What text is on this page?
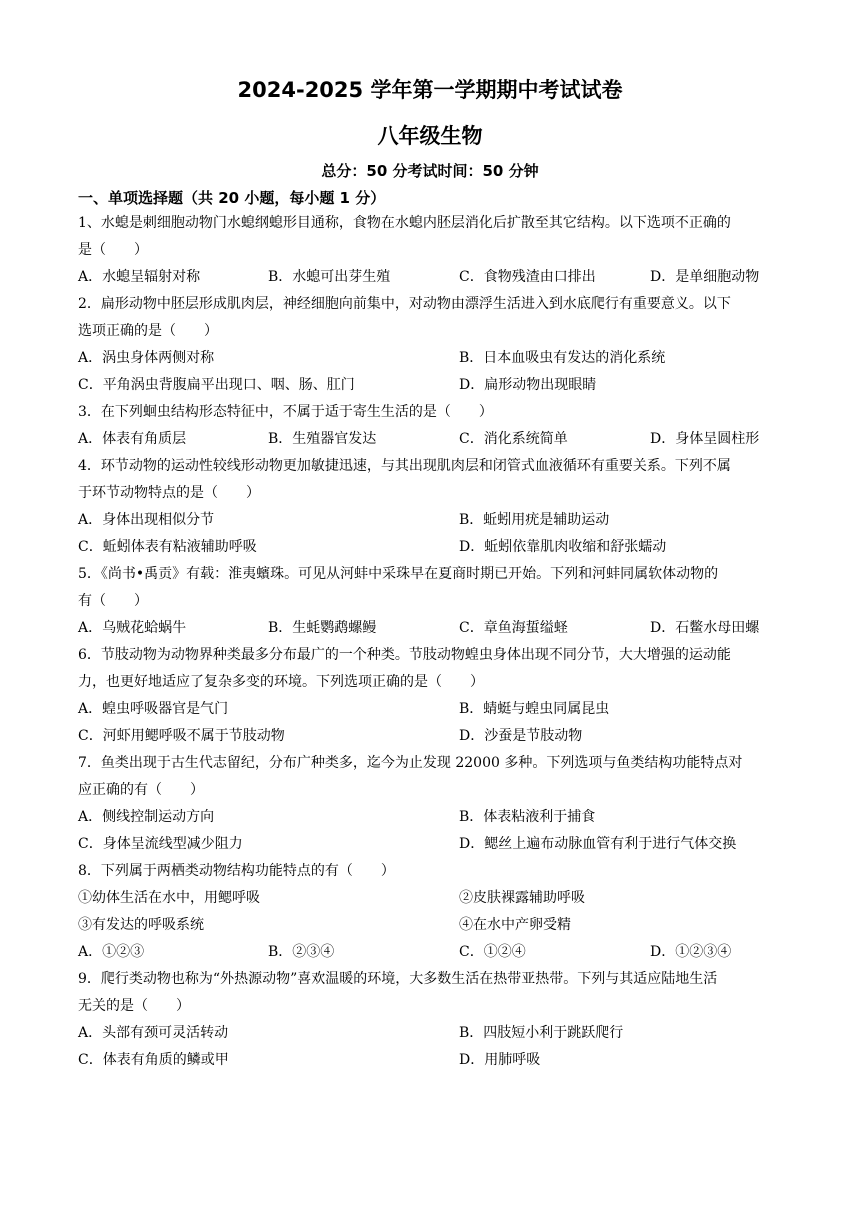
2024-2025 学年第一学期期中考试试卷
八年级生物
总分：50 分考试时间：50 分钟
一、单项选择题（共 20 小题，每小题 1 分）
1、水螅是刺细胞动物门水螅纲螅形目通称，食物在水螅内胚层消化后扩散至其它结构。以下选项不正确的
是（　　）
A．水螅呈辐射对称	B．水螅可出芽生殖	C．食物残渣由口排出	D．是单细胞动物
2．扁形动物中胚层形成肌肉层，神经细胞向前集中，对动物由漂浮生活进入到水底爬行有重要意义。以下
选项正确的是（　　）
A．涡虫身体两侧对称	B．日本血吸虫有发达的消化系统
C．平角涡虫背腹扁平出现口、咽、肠、肛门	D．扁形动物出现眼睛
3．在下列蛔虫结构形态特征中，不属于适于寄生生活的是（　　）
A．体表有角质层	B．生殖器官发达	C．消化系统简单	D．身体呈圆柱形
4．环节动物的运动性较线形动物更加敏捷迅速，与其出现肌肉层和闭管式血液循环有重要关系。下列不属
于环节动物特点的是（　　）
A．身体出现相似分节	B．蚯蚓用疣是辅助运动
C．蚯蚓体表有粘液辅助呼吸	D．蚯蚓依靠肌肉收缩和舒张蠕动
5．《尚书•禹贡》有载：淮夷蠙珠。可见从河蚌中采珠早在夏商时期已开始。下列和河蚌同属软体动物的
有（　　）
A．乌贼花蛤蜗牛	B．生蚝鹦鹉螺鳗	C．章鱼海蜇缢蛏	D．石鳖水母田螺
6．节肢动物为动物界种类最多分布最广的一个种类。节肢动物蝗虫身体出现不同分节，大大增强的运动能
力，也更好地适应了复杂多变的环境。下列选项正确的是（　　）
A．蝗虫呼吸器官是气门	B．蜻蜓与蝗虫同属昆虫
C．河虾用鳃呼吸不属于节肢动物	D．沙蚕是节肢动物
7．鱼类出现于古生代志留纪，分布广种类多，迄今为止发现 22000 多种。下列选项与鱼类结构功能特点对
应正确的有（　　）
A．侧线控制运动方向	B．体表粘液利于捕食
C．身体呈流线型减少阻力	D．鳃丝上遍布动脉血管有利于进行气体交换
8．下列属于两栖类动物结构功能特点的有（　　）
①幼体生活在水中，用鳃呼吸	②皮肤裸露辅助呼吸
③有发达的呼吸系统	④在水中产卵受精
A．①②③	B．②③④	C．①②④	D．①②③④
9．爬行类动物也称为“外热源动物”喜欢温暖的环境，大多数生活在热带亚热带。下列与其适应陆地生活
无关的是（　　）
A．头部有颈可灵活转动	B．四肢短小利于跳跃爬行
C．体表有角质的鳞或甲	D．用肺呼吸
